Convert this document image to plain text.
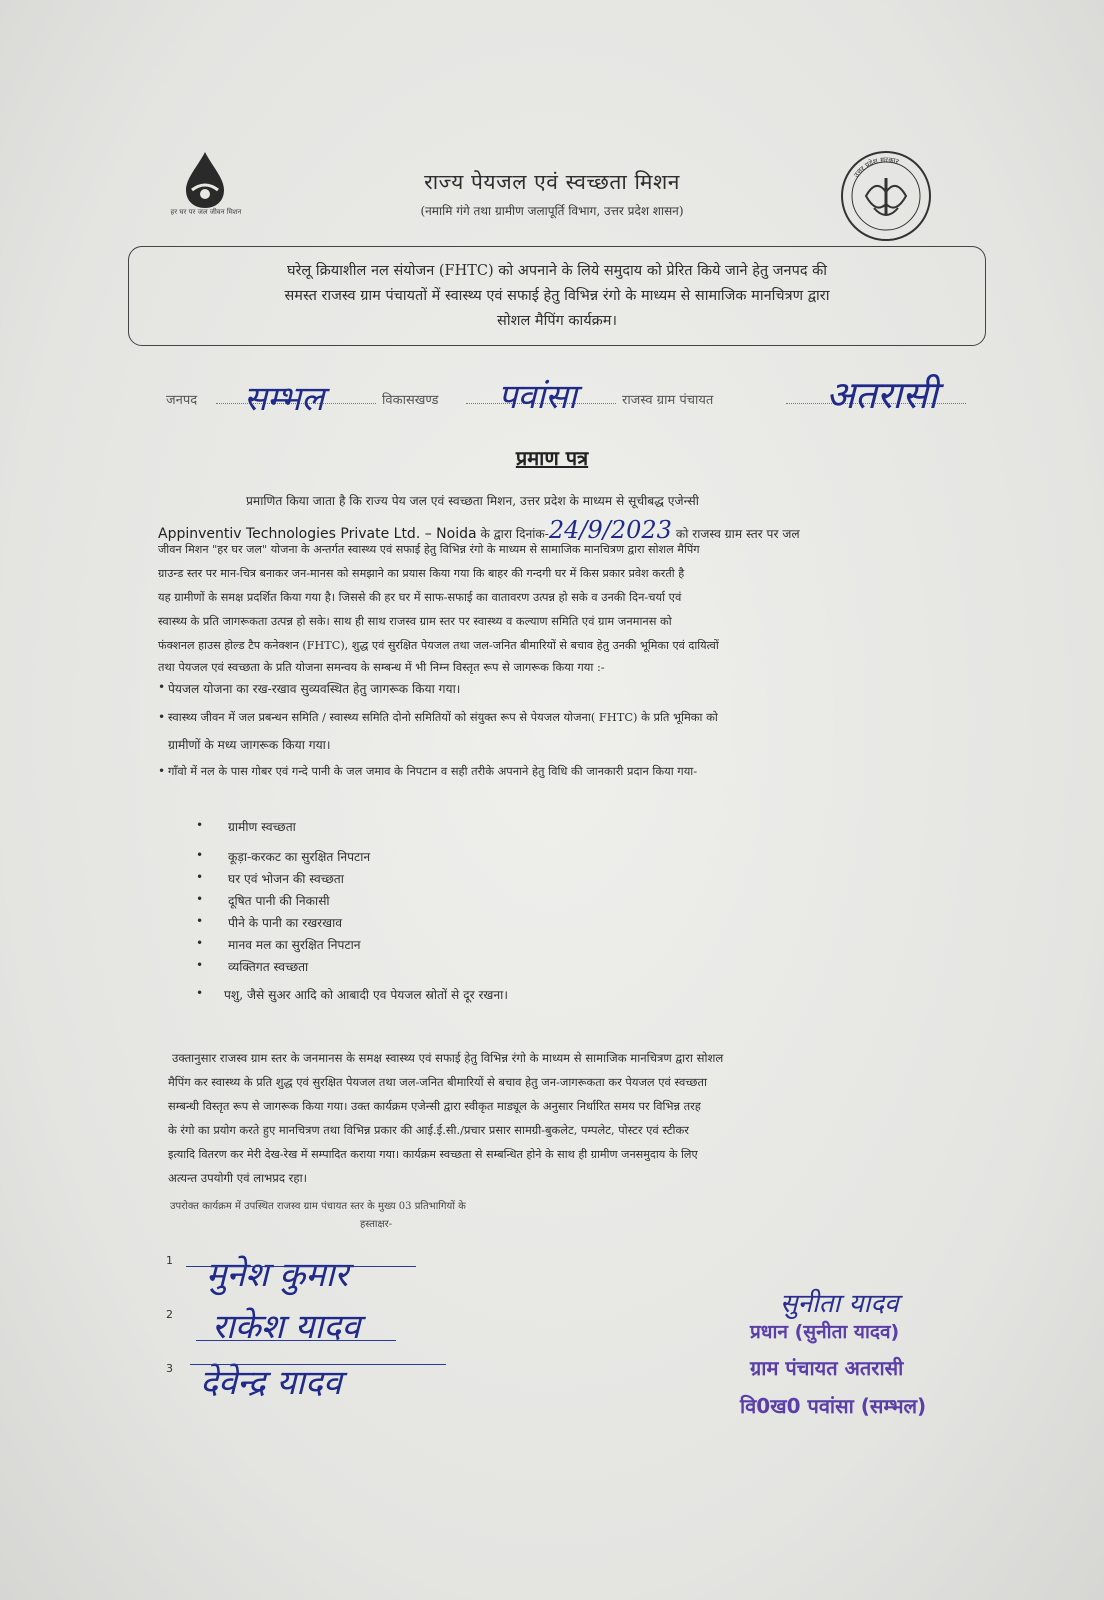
हर घर पर जल जीवन मिशन
राज्य पेयजल एवं स्वच्छता मिशन
(नमामि गंगे तथा ग्रामीण जलापूर्ति विभाग, उत्तर प्रदेश शासन)
उत्तर प्रदेश सरकार
घरेलू क्रियाशील नल संयोजन (FHTC) को अपनाने के लिये समुदाय को प्रेरित किये जाने हेतु जनपद की
समस्त राजस्व ग्राम पंचायतों में स्वास्थ्य एवं सफाई हेतु विभिन्न रंगो के माध्यम से सामाजिक मानचित्रण द्वारा
सोशल मैपिंग कार्यक्रम।
जनपद सम्भल	विकासखण्ड पवांसा	राजस्व ग्राम पंचायत	अतरासी
प्रमाण पत्र
प्रमाणित किया जाता है कि राज्य पेय जल एवं स्वच्छता मिशन, उत्तर प्रदेश के माध्यम से सूचीबद्ध एजेन्सी
Appinventiv Technologies Private Ltd. – Noida के द्वारा दिनांक-24/9/2023 को राजस्व ग्राम स्तर पर जल
जीवन मिशन "हर घर जल" योजना के अन्तर्गत स्वास्थ्य एवं सफाई हेतु विभिन्न रंगो के माध्यम से सामाजिक मानचित्रण द्वारा सोशल मैपिंग
ग्राउन्ड स्तर पर मान-चित्र बनाकर जन-मानस को समझाने का प्रयास किया गया कि बाहर की गन्दगी घर में किस प्रकार प्रवेश करती है
यह ग्रामीणों के समक्ष प्रदर्शित किया गया है। जिससे की हर घर में साफ-सफाई का वातावरण उत्पन्न हो सके व उनकी दिन-चर्या एवं
स्वास्थ्य के प्रति जागरूकता उत्पन्न हो सके। साथ ही साथ राजस्व ग्राम स्तर पर स्वास्थ्य व कल्याण समिति एवं ग्राम जनमानस को
फंक्शनल हाउस होल्ड टैप कनेक्शन (FHTC), शुद्ध एवं सुरक्षित पेयजल तथा जल-जनित बीमारियों से बचाव हेतु उनकी भूमिका एवं दायित्वों
तथा पेयजल एवं स्वच्छता के प्रति योजना समन्वय के सम्बन्ध में भी निम्न विस्तृत रूप से जागरूक किया गया :-
• पेयजल योजना का रख-रखाव सुव्यवस्थित हेतु जागरूक किया गया।
• स्वास्थ्य जीवन में जल प्रबन्धन समिति / स्वास्थ्य समिति दोनो समितियों को संयुक्त रूप से पेयजल योजना( FHTC) के प्रति भूमिका को
ग्रामीणों के मध्य जागरूक किया गया।
• गाँवो में नल के पास गोबर एवं गन्दे पानी के जल जमाव के निपटान व सही तरीके अपनाने हेतु विधि की जानकारी प्रदान किया गया-
• ग्रामीण स्वच्छता
• कूड़ा-करकट का सुरक्षित निपटान
• घर एवं भोजन की स्वच्छता
• दूषित पानी की निकासी
• पीने के पानी का रखरखाव
• मानव मल का सुरक्षित निपटान
• व्यक्तिगत स्वच्छता
• पशु, जैसे सुअर आदि को आबादी एव पेयजल स्रोतों से दूर रखना।
उक्तानुसार राजस्व ग्राम स्तर के जनमानस के समक्ष स्वास्थ्य एवं सफाई हेतु विभिन्न रंगो के माध्यम से सामाजिक मानचित्रण द्वारा सोशल
मैपिंग कर स्वास्थ्य के प्रति शुद्ध एवं सुरक्षित पेयजल तथा जल-जनित बीमारियों से बचाव हेतु जन-जागरूकता कर पेयजल एवं स्वच्छता
सम्बन्धी विस्तृत रूप से जागरूक किया गया। उक्त कार्यक्रम एजेन्सी द्वारा स्वीकृत माड्यूल के अनुसार निर्धारित समय पर विभिन्न तरह
के रंगो का प्रयोग करते हुए मानचित्रण तथा विभिन्न प्रकार की आई.ई.सी./प्रचार प्रसार सामग्री-बुकलेट, पम्पलेट, पोस्टर एवं स्टीकर
इत्यादि वितरण कर मेरी देख-रेख में सम्पादित कराया गया। कार्यक्रम स्वच्छता से सम्बन्धित होने के साथ ही ग्रामीण जनसमुदाय के लिए
अत्यन्त उपयोगी एवं लाभप्रद रहा।
उपरोक्त कार्यक्रम में उपस्थित राजस्व ग्राम पंचायत स्तर के मुख्य 03 प्रतिभागियों के
हस्ताक्षर-
1 मुनेश कुमार
2 राकेश यादव
3 देवेन्द्र यादव
सुनीता यादव
प्रधान (सुनीता यादव)
ग्राम पंचायत अतरासी
वि0ख0 पवांसा (सम्भल)
